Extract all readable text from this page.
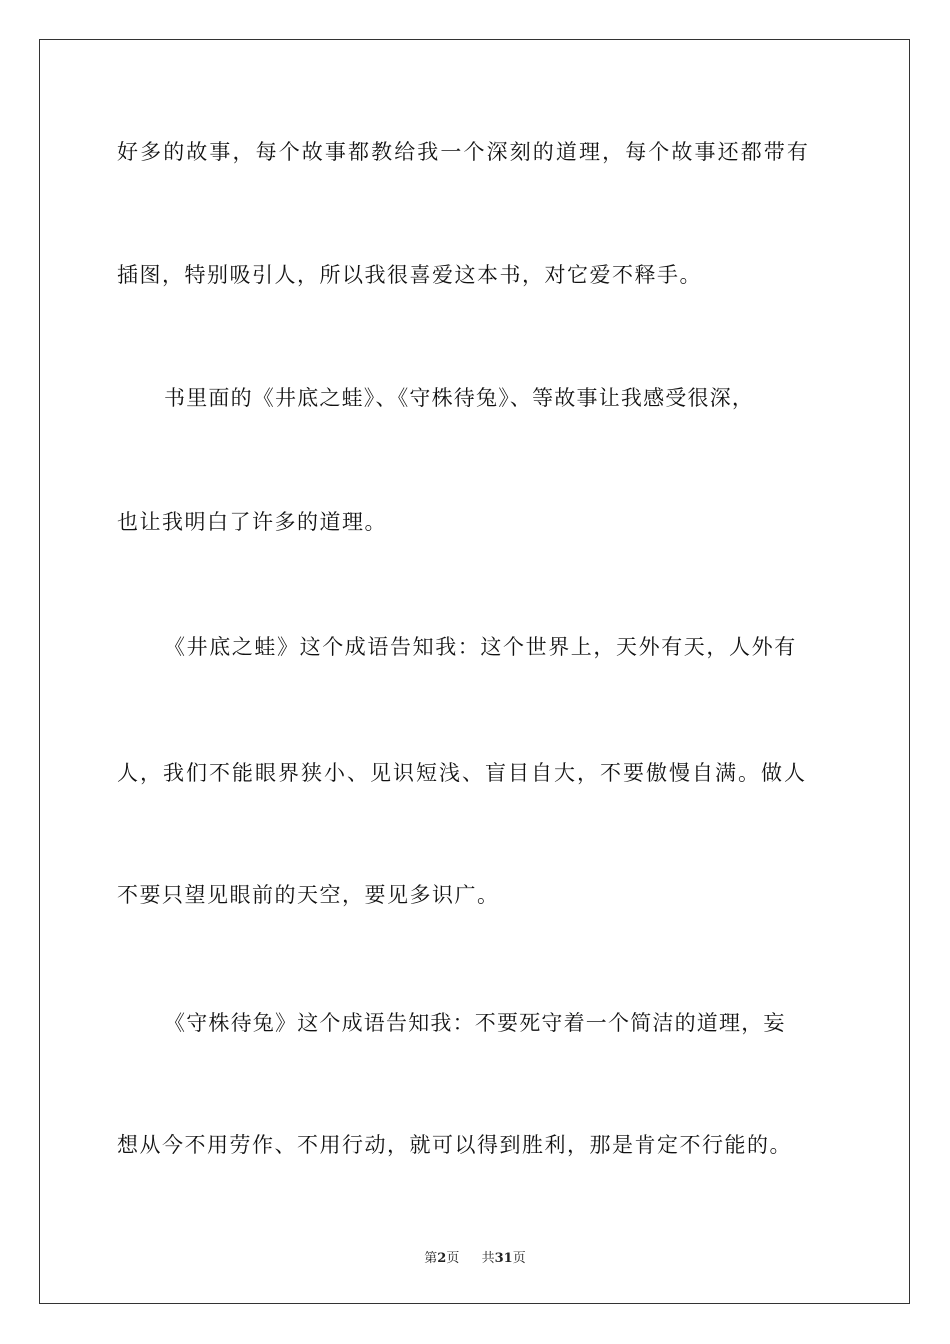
好多的故事，每个故事都教给我一个深刻的道理，每个故事还都带有
插图，特别吸引人，所以我很喜爱这本书，对它爱不释手。
书里面的《井底之蛙》、《守株待兔》、等故事让我感受很深，
也让我明白了许多的道理。
《井底之蛙》这个成语告知我：这个世界上，天外有天，人外有
人，我们不能眼界狭小、见识短浅、盲目自大，不要傲慢自满。做人
不要只望见眼前的天空，要见多识广。
《守株待兔》这个成语告知我：不要死守着一个简洁的道理，妄
想从今不用劳作、不用行动，就可以得到胜利，那是肯定不行能的。
第2页 共31页
